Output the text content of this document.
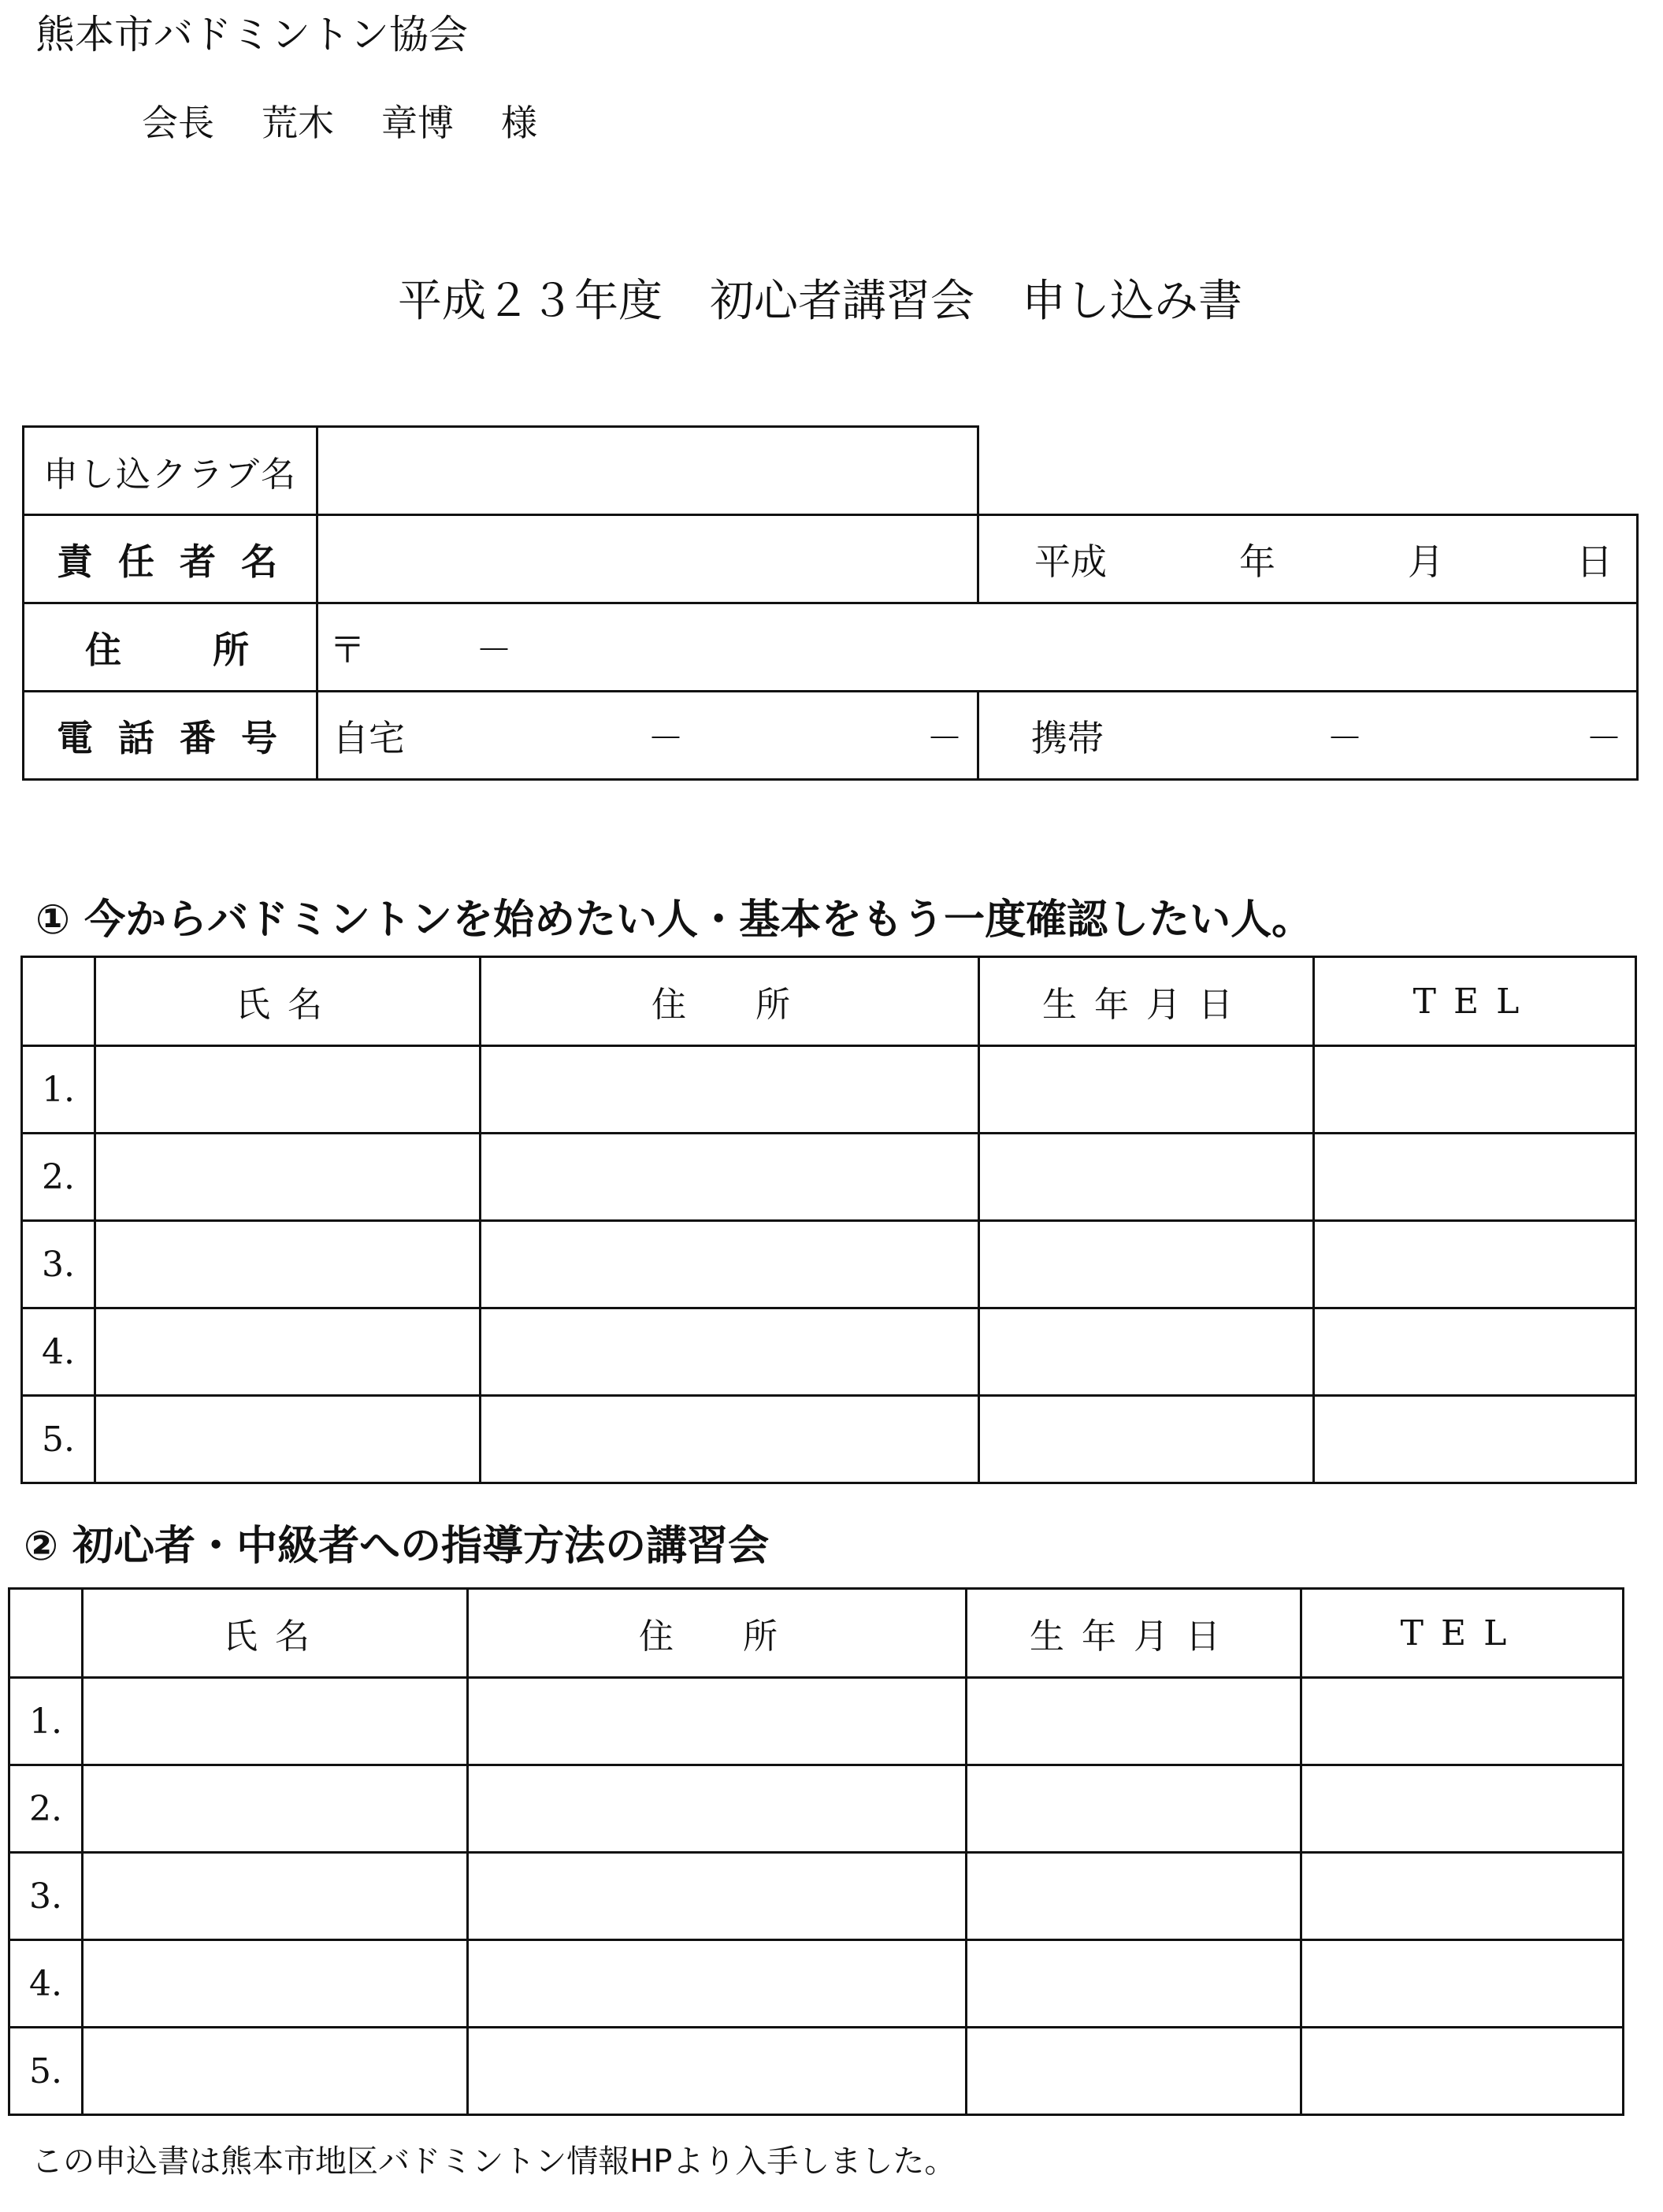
熊本市バドミントン協会
会長 荒木 章博 様
平成２３年度 初心者講習会 申し込み書
申し込クラブ名		
責 任 者 名		平成 年 月 日

住　　所	〒 －	
電 話 番 号	自宅 － －	携帯 － －
① 今からバドミントンを始めたい人・基本をもう一度確認したい人。
	氏名	住　所	生年月日	TEL
1.				
2.				
3.				
4.				
5.				
② 初心者・中級者への指導方法の講習会
	氏名	住　所	生年月日	TEL
1.				
2.				
3.				
4.				
5.				
この申込書は熊本市地区バドミントン情報HPより入手しました。
